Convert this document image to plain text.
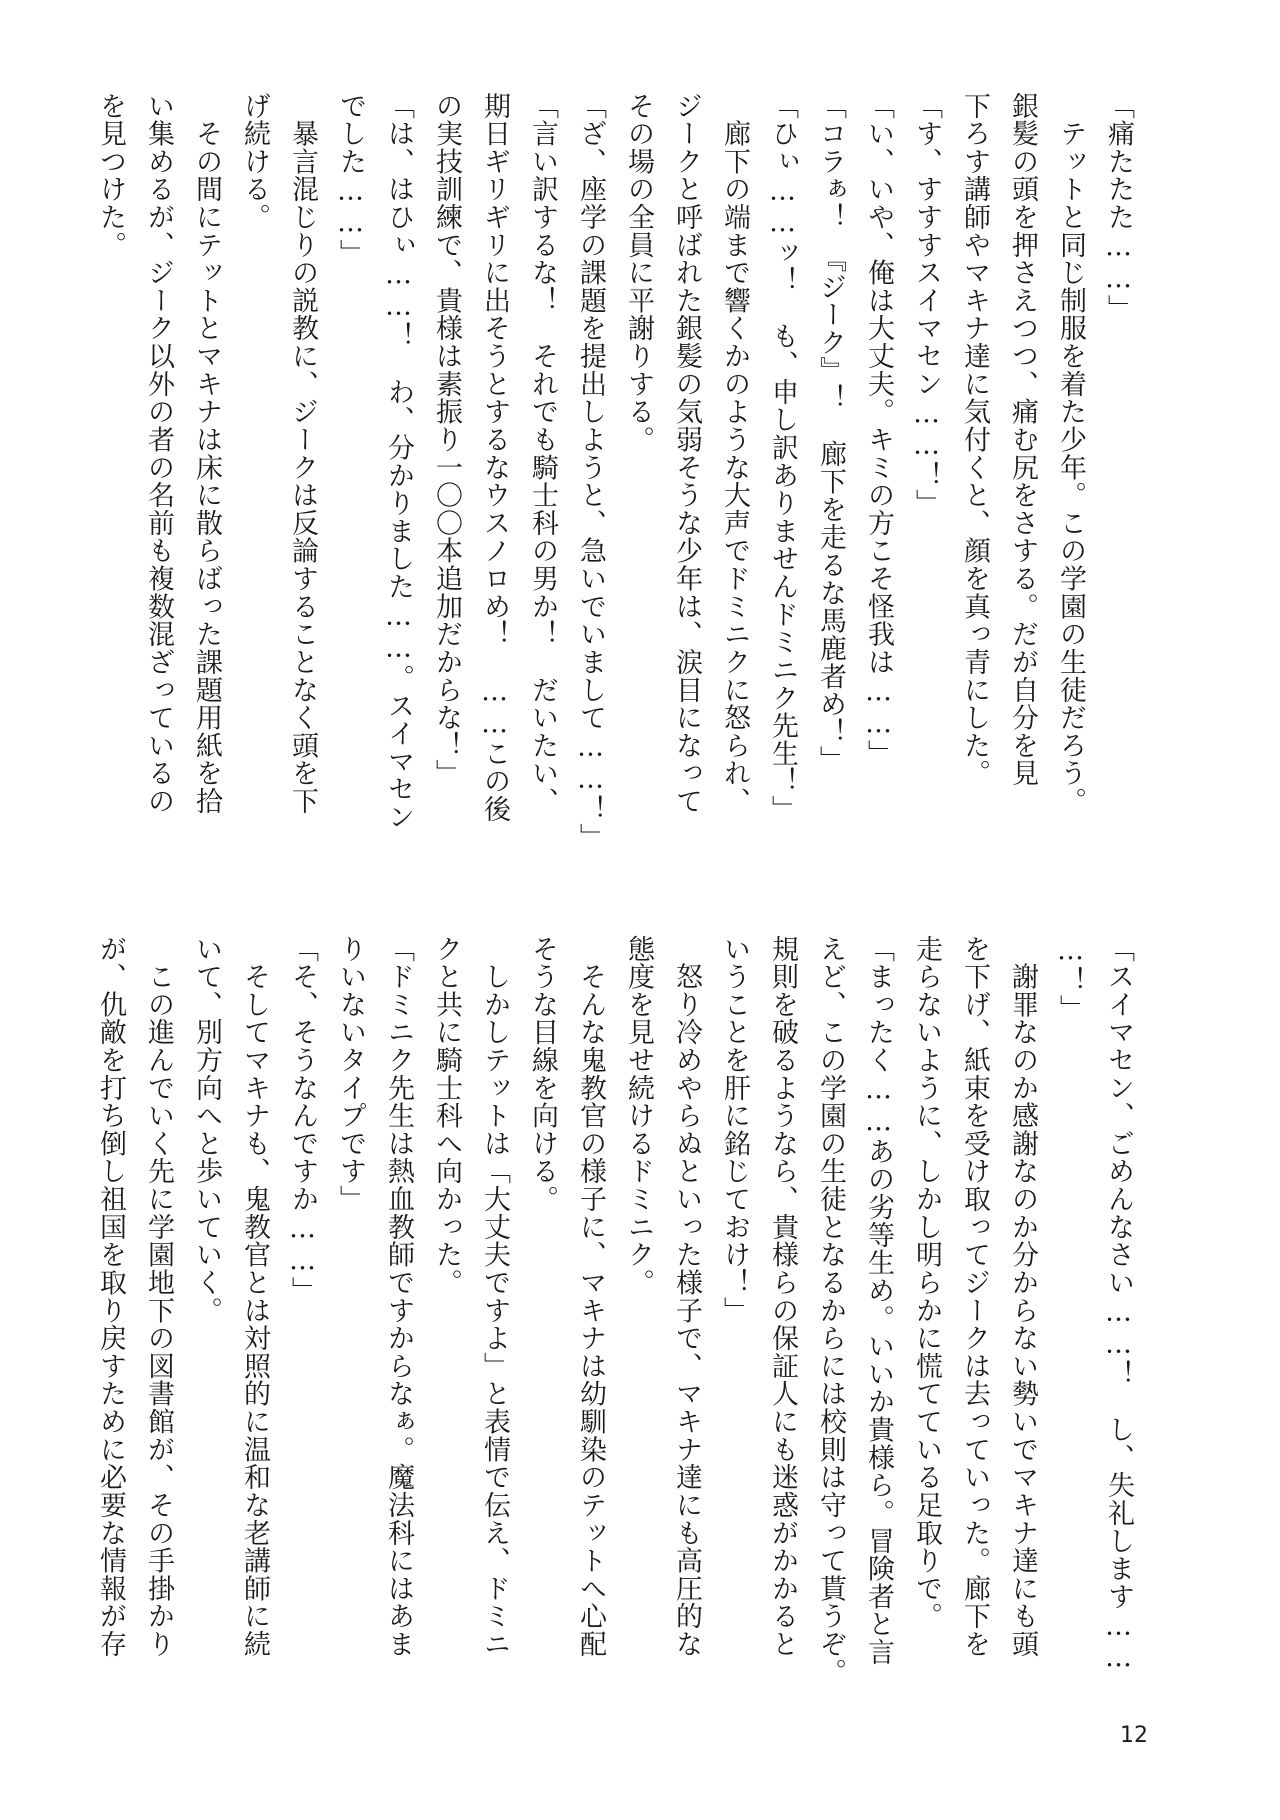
「痛たたた……」
　テットと同じ制服を着た少年。この学園の生徒だろう。
銀髪の頭を押さえつつ、痛む尻をさする。だが自分を見
下ろす講師やマキナ達に気付くと、顔を真っ青にした。
「す、すすすスイマセン……！」
「い、いや、俺は大丈夫。キミの方こそ怪我は……」
「コラぁ！　『ジーク』！　廊下を走るな馬鹿者め！」
「ひぃ……ッ！　も、申し訳ありませんドミニク先生！」
　廊下の端まで響くかのような大声でドミニクに怒られ、
ジークと呼ばれた銀髪の気弱そうな少年は、涙目になって
その場の全員に平謝りする。
「ざ、座学の課題を提出しようと、急いでいまして……！」
「言い訳するな！　それでも騎士科の男か！　だいたい、
期日ギリギリに出そうとするなウスノロめ！　……この後
の実技訓練で、貴様は素振り一〇〇本追加だからな！」
「は、はひぃ……！　わ、分かりました……。スイマセン
でした……」
　暴言混じりの説教に、ジークは反論することなく頭を下
げ続ける。
　その間にテットとマキナは床に散らばった課題用紙を拾
い集めるが、ジーク以外の者の名前も複数混ざっているの
を見つけた。
「スイマセン、ごめんなさい……！　し、失礼します……
…！」
　謝罪なのか感謝なのか分からない勢いでマキナ達にも頭
を下げ、紙束を受け取ってジークは去っていった。廊下を
走らないように、しかし明らかに慌てている足取りで。
「まったく……あの劣等生め。いいか貴様ら。冒険者と言
えど、この学園の生徒となるからには校則は守って貰うぞ。
規則を破るようなら、貴様らの保証人にも迷惑がかかると
いうことを肝に銘じておけ！」
　怒り冷めやらぬといった様子で、マキナ達にも高圧的な
態度を見せ続けるドミニク。
　そんな鬼教官の様子に、マキナは幼馴染のテットへ心配
そうな目線を向ける。
　しかしテットは「大丈夫ですよ」と表情で伝え、ドミニ
クと共に騎士科へ向かった。
「ドミニク先生は熱血教師ですからなぁ。魔法科にはあま
りいないタイプです」
「そ、そうなんですか……」
　そしてマキナも、鬼教官とは対照的に温和な老講師に続
いて、別方向へと歩いていく。
　この進んでいく先に学園地下の図書館が、その手掛かり
が、仇敵を打ち倒し祖国を取り戻すために必要な情報が存
12
